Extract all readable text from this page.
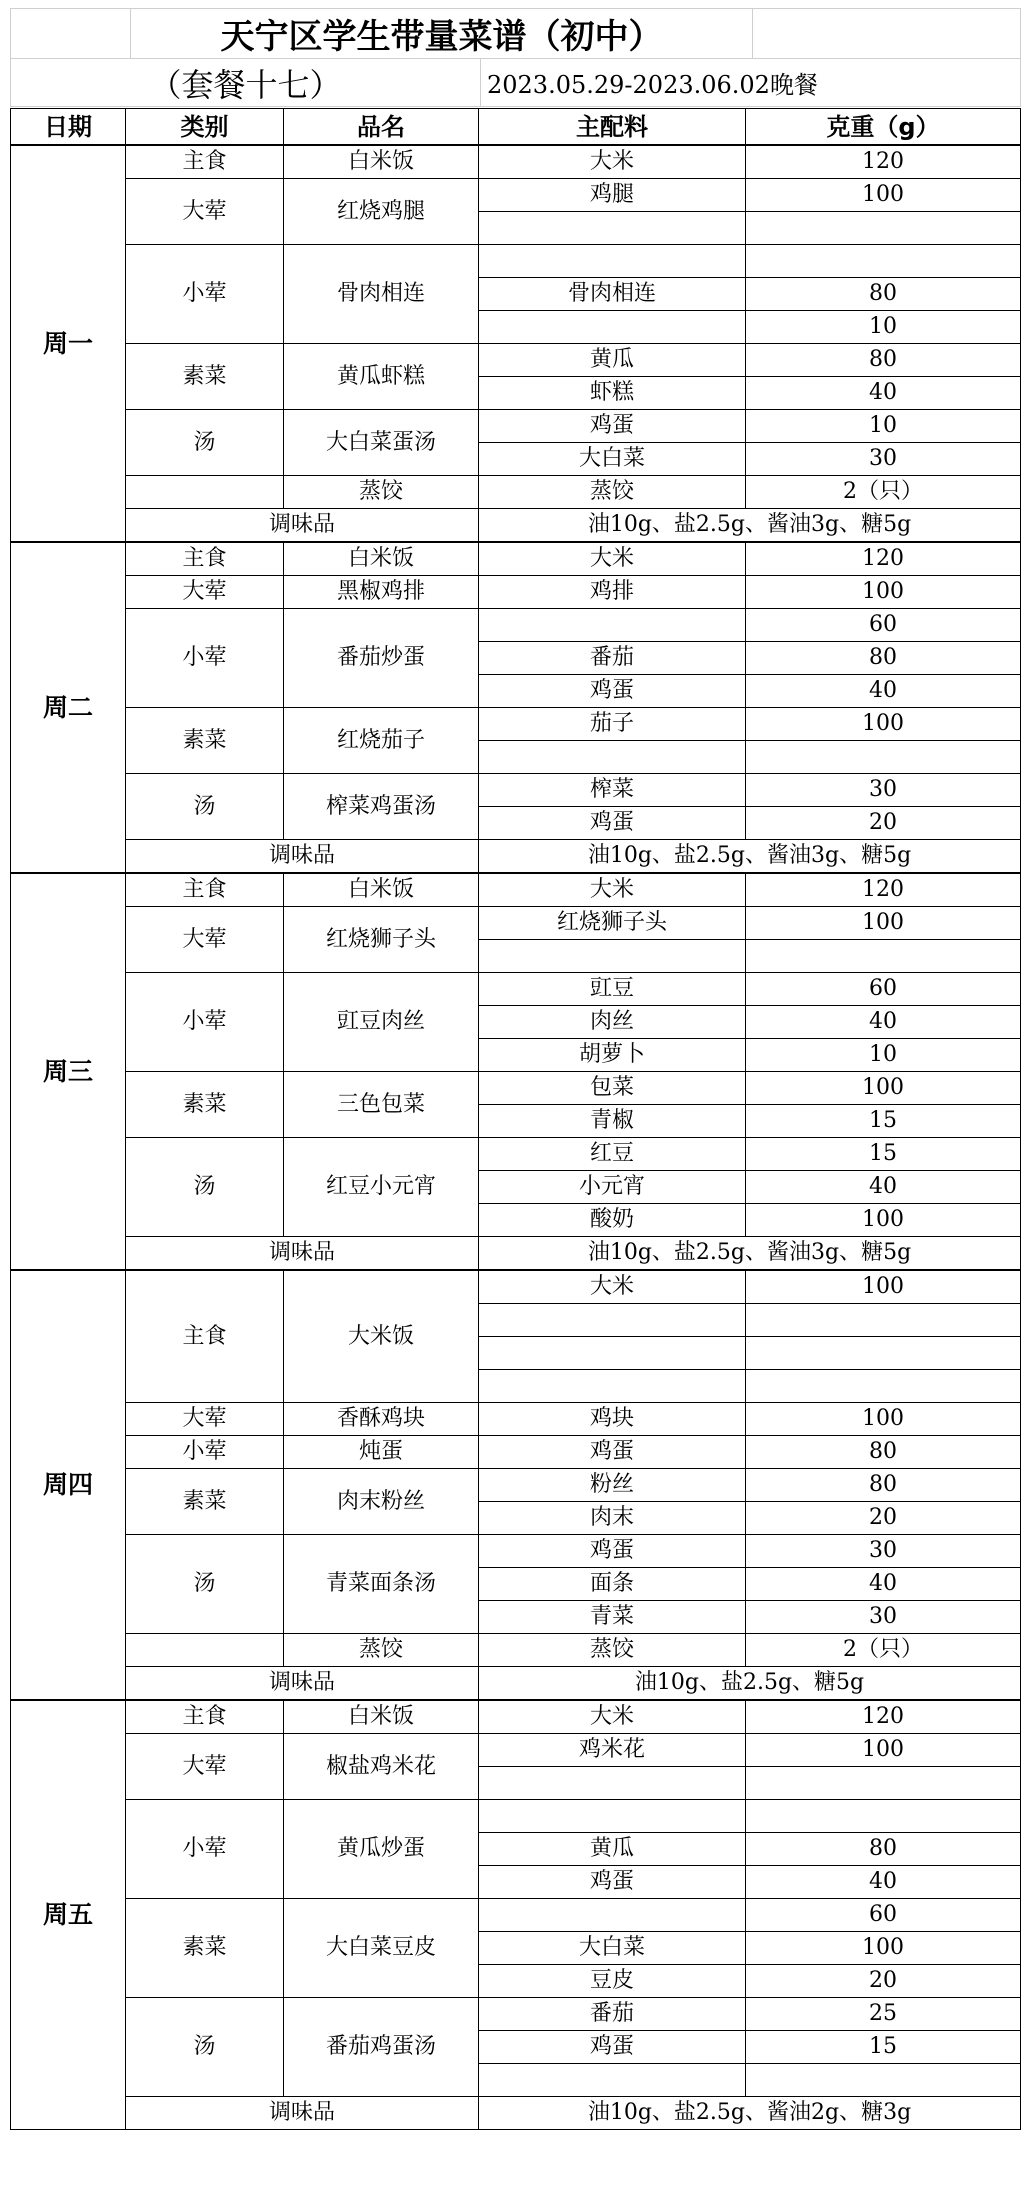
	天宁区学生带量菜谱（初中）	
（套餐十七）	2023.05.29-2023.06.02晚餐
日期	类别	品名	主配料	克重（g）
周一	主食	白米饭	大米	120
	大荤	红烧鸡腿	鸡腿	100

	小荤	骨肉相连		
			骨肉相连	80
				10
	素菜	黄瓜虾糕	黄瓜	80
			虾糕	40
	汤	大白菜蛋汤	鸡蛋	10
			大白菜	30
		蒸饺	蒸饺	2（只）
	调味品		油10g、盐2.5g、酱油3g、糖5g	
周二	主食	白米饭	大米	120
	大荤	黑椒鸡排	鸡排	100
	小荤	番茄炒蛋		60
			番茄	80
			鸡蛋	40
	素菜	红烧茄子	茄子	100

	汤	榨菜鸡蛋汤	榨菜	30
			鸡蛋	20
	调味品		油10g、盐2.5g、酱油3g、糖5g	
周三	主食	白米饭	大米	120
	大荤	红烧狮子头	红烧狮子头	100

	小荤	豇豆肉丝	豇豆	60
			肉丝	40
			胡萝卜	10
	素菜	三色包菜	包菜	100
			青椒	15
	汤	红豆小元宵	红豆	15
			小元宵	40
			酸奶	100
	调味品		油10g、盐2.5g、酱油3g、糖5g	
周四	主食	大米饭	大米	100

	大荤	香酥鸡块	鸡块	100
	小荤	炖蛋	鸡蛋	80
	素菜	肉末粉丝	粉丝	80
			肉末	20
	汤	青菜面条汤	鸡蛋	30
			面条	40
			青菜	30
		蒸饺	蒸饺	2（只）
	调味品		油10g、盐2.5g、糖5g	
周五	主食	白米饭	大米	120
	大荤	椒盐鸡米花	鸡米花	100

	小荤	黄瓜炒蛋		
			黄瓜	80
			鸡蛋	40
	素菜	大白菜豆皮		60
			大白菜	100
			豆皮	20
	汤	番茄鸡蛋汤	番茄	25
			鸡蛋	15

	调味品		油10g、盐2.5g、酱油2g、糖3g	
